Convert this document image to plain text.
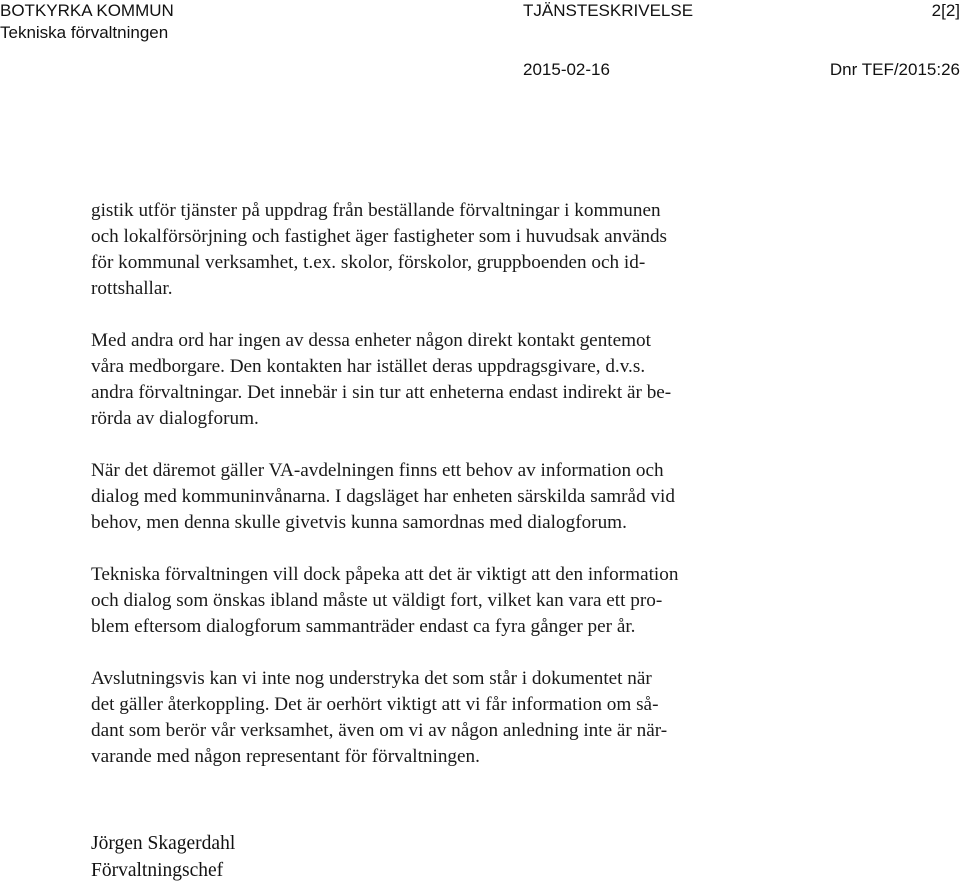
BOTKYRKA KOMMUN

Tekniska förvaltningen

TJÄNSTESKRIVELSE	2[2]

2015-02-16	Dnr TEF/2015:26

gistik utför tjänster på uppdrag från beställande förvaltningar i kommunen
och lokalförsörjning och fastighet äger fastigheter som i huvudsak används
för kommunal verksamhet, t.ex. skolor, förskolor, gruppboenden och id-
rottshallar.

Med andra ord har ingen av dessa enheter någon direkt kontakt gentemot
våra medborgare. Den kontakten har istället deras uppdragsgivare, d.v.s.
andra förvaltningar. Det innebär i sin tur att enheterna endast indirekt är be-
rörda av dialogforum.

När det däremot gäller VA-avdelningen finns ett behov av information och
dialog med kommuninvånarna. I dagsläget har enheten särskilda samråd vid
behov, men denna skulle givetvis kunna samordnas med dialogforum.

Tekniska förvaltningen vill dock påpeka att det är viktigt att den information
och dialog som önskas ibland måste ut väldigt fort, vilket kan vara ett pro-
blem eftersom dialogforum sammanträder endast ca fyra gånger per år.

Avslutningsvis kan vi inte nog understryka det som står i dokumentet när
det gäller återkoppling. Det är oerhört viktigt att vi får information om så-
dant som berör vår verksamhet, även om vi av någon anledning inte är när-
varande med någon representant för förvaltningen.

Jörgen Skagerdahl
Förvaltningschef
